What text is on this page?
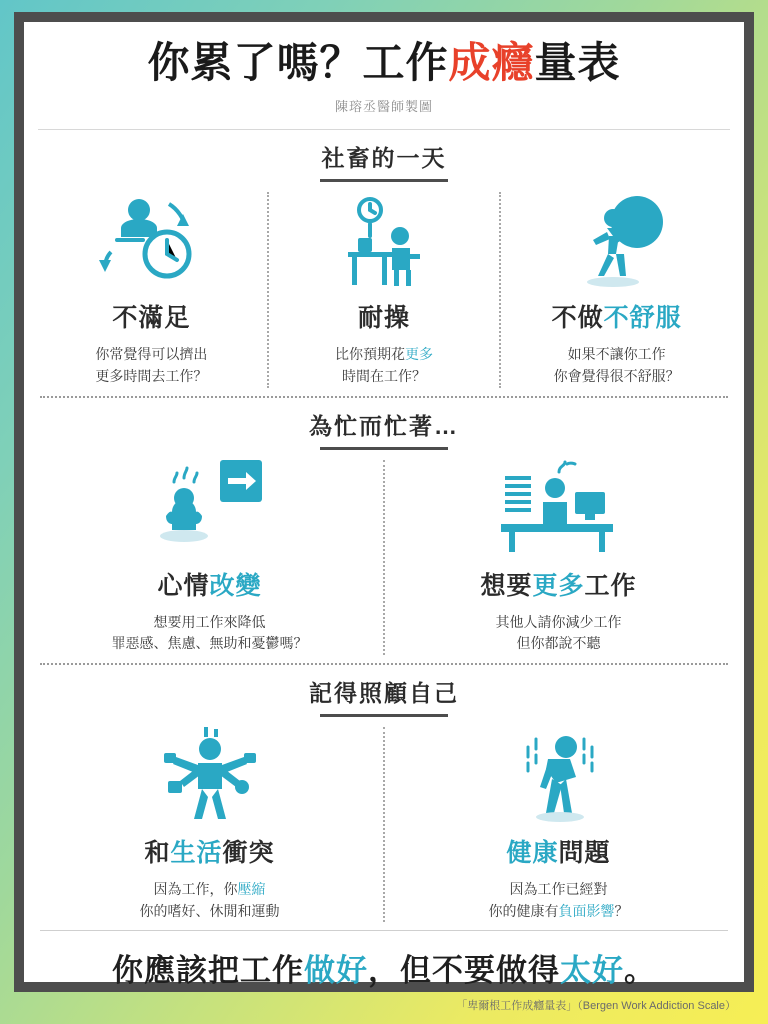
你累了嗎？工作成癮量表
陳瑢丞醫師製圖
社畜的一天
不滿足
你常覺得可以擠出
更多時間去工作？
耐操
比你預期花更多
時間在工作？
不做不舒服
如果不讓你工作
你會覺得很不舒服？
為忙而忙著…
心情改變
想要用工作來降低
罪惡感、焦慮、無助和憂鬱嗎？
想要更多工作
其他人請你減少工作
但你都說不聽
記得照顧自己
和生活衝突
因為工作，你壓縮
你的嗜好、休閒和運動
健康問題
因為工作已經對
你的健康有負面影響？
你應該把工作做好，但不要做得太好。
「卑爾根工作成癮量表」（Bergen Work Addiction Scale）
